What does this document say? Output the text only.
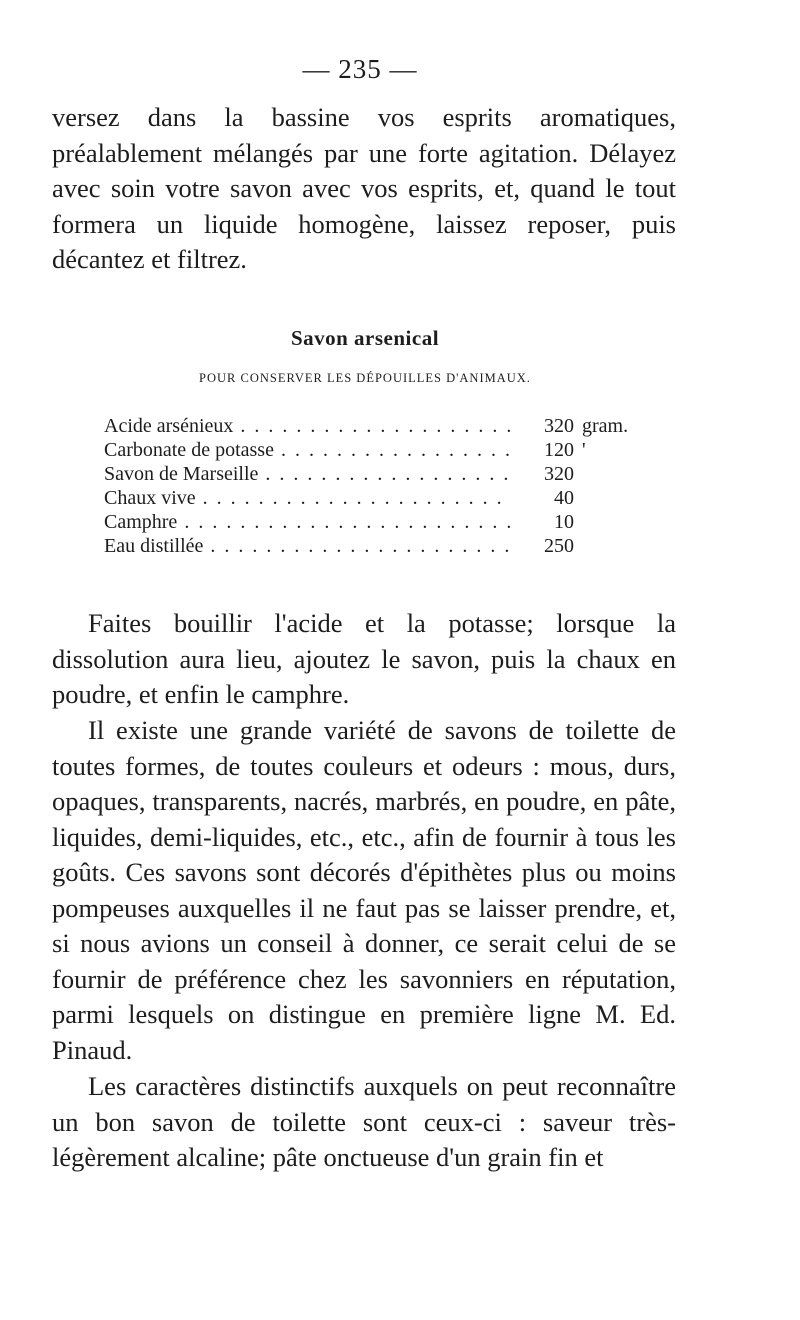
— 235 —

versez dans la bassine vos esprits aromatiques, préalablement mélangés par une forte agitation. Délayez avec soin votre savon avec vos esprits, et, quand le tout formera un liquide homogène, laissez reposer, puis décantez et filtrez.

Savon arsenical
POUR CONSERVER LES DÉPOUILLES D'ANIMAUX.
Acide arsénieux . . .	320 gram.
Carbonate de potasse . . .	120 '
Savon de Marseille . . .	320
Chaux vive . . .	40
Camphre . . .	10
Eau distillée . . .	250

Faites bouillir l'acide et la potasse; lorsque la dissolution aura lieu, ajoutez le savon, puis la chaux en poudre, et enfin le camphre.

Il existe une grande variété de savons de toilette de toutes formes, de toutes couleurs et odeurs : mous, durs, opaques, transparents, nacrés, marbrés, en poudre, en pâte, liquides, demi-liquides, etc., etc., afin de fournir à tous les goûts. Ces savons sont décorés d'épithètes plus ou moins pompeuses auxquelles il ne faut pas se laisser prendre, et, si nous avions un conseil à donner, ce serait celui de se fournir de préférence chez les savonniers en réputation, parmi lesquels on distingue en première ligne M. Ed. Pinaud.

Les caractères distinctifs auxquels on peut reconnaître un bon savon de toilette sont ceux-ci : saveur très-légèrement alcaline; pâte onctueuse d'un grain fin et
